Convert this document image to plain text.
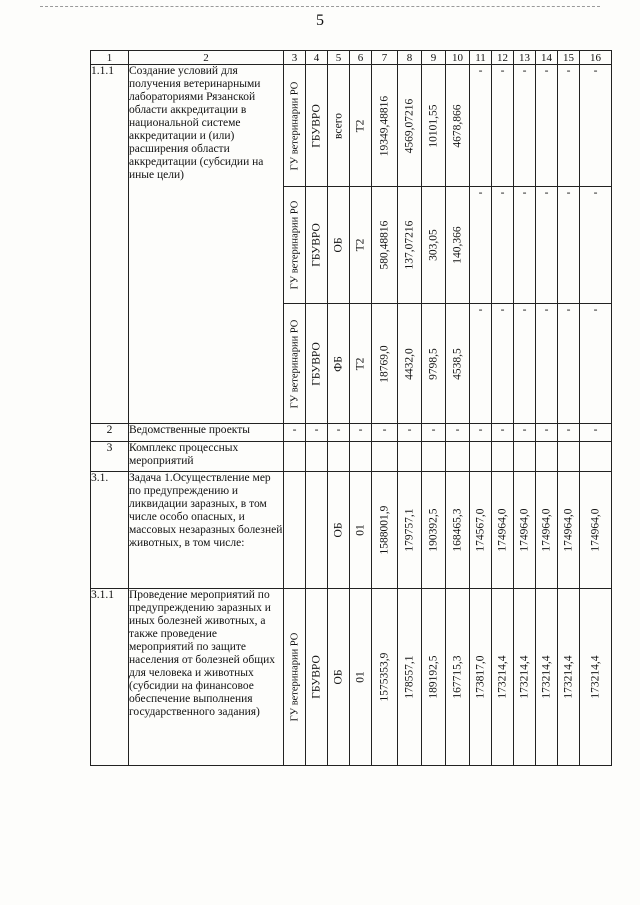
5
1	2	3	4	5	6	7	8	9	10	11	12	13	14	15	16
1.1.1	Создание условий для получения ветеринарными лабораториями Рязанской области аккредитации в национальной системе аккредитации и (или) расширения области аккредитации (субсидии на иные цели)	ГУ ветеринарии РО	ГБУВРО	всего	Т2	19349,48816	4569,07216	10101,55	4678,866	-	-	-	-	-	-

		ГУ ветеринарии РО	ГБУВРО	ОБ	Т2	580,48816	137,07216	303,05	140,366	-	-	-	-	-	-

		ГУ ветеринарии РО	ГБУВРО	ФБ	Т2	18769,0	4432,0	9798,5	4538,5	-	-	-	-	-	-
2	Ведомственные проекты	-	-	-	-	-	-	-	-	-	-	-	-	-	-
3	Комплекс процессных мероприятий														
3.1.	Задача 1.Осуществление мер по предупреждению и ликвидации заразных, в том числе особо опасных, и массовых незаразных болезней животных, в том числе:			ОБ	01	1588001,9	179757,1	190392,5	168465,3	174567,0	174964,0	174964,0	174964,0	174964,0	174964,0

3.1.1	Проведение мероприятий по предупреждению заразных и иных болезней животных, а также проведение мероприятий по защите населения от болезней общих для человека и животных (субсидии на финансовое обеспечение выполнения государственного задания)	ГУ ветеринарии РО	ГБУВРО	ОБ	01	1575353,9	178557,1	189192,5	167715,3	173817,0	173214,4	173214,4	173214,4	173214,4	173214,4
